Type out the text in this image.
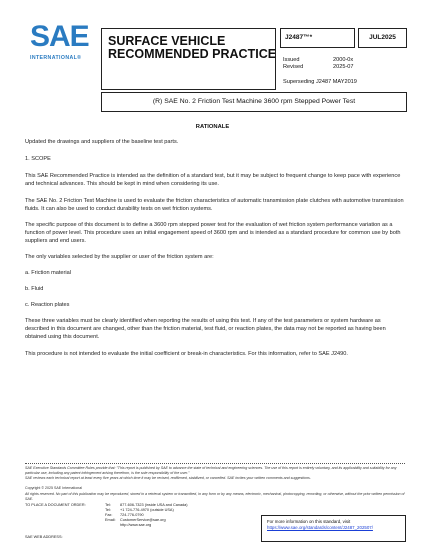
SAE
INTERNATIONAL®
SURFACE VEHICLE
RECOMMENDED PRACTICE
J2487™*	JUL2025
Issued	2000-0x
Revised	2025-07
Superseding J2487 MAY2019
(R) SAE No. 2 Friction Test Machine 3600 rpm Stepped Power Test
RATIONALE
Updated the drawings and suppliers of the baseline test parts.
1. SCOPE
This SAE Recommended Practice is intended as the definition of a standard test, but it may be subject to frequent change to keep pace with experience and technical advances. This should be kept in mind when considering its use.
The SAE No. 2 Friction Test Machine is used to evaluate the friction characteristics of automatic transmission plate clutches with automotive transmission fluids. It can also be used to conduct durability tests on wet friction systems.
The specific purpose of this document is to define a 3600 rpm stepped power test for the evaluation of wet friction system performance variation as a function of power level. This procedure uses an initial engagement speed of 3600 rpm and is intended as a standard procedure for common use by both suppliers and end users.
The only variables selected by the supplier or user of the friction system are:
a. Friction material
b. Fluid
c. Reaction plates
These three variables must be clearly identified when reporting the results of using this test. If any of the test parameters or system hardware as described in this document are changed, other than the friction material, test fluid, or reaction plates, the data may not be reported as having been obtained using this document.
This procedure is not intended to evaluate the initial coefficient or break-in characteristics. For this information, refer to SAE J2490.
SAE Executive Standards Committee Rules provide that: "This report is published by SAE to advance the state of technical and engineering sciences. The use of this report is entirely voluntary, and its applicability and suitability for any particular use, including any patent infringement arising therefrom, is the sole responsibility of the user."
SAE reviews each technical report at least every five years at which time it may be revised, reaffirmed, stabilized, or cancelled. SAE invites your written comments and suggestions.
Copyright © 2025 SAE International
All rights reserved. No part of this publication may be reproduced, stored in a retrieval system or transmitted, in any form or by any means, electronic, mechanical, photocopying, recording, or otherwise, without the prior written permission of SAE.
TO PLACE A DOCUMENT ORDER:	Tel: 877-606-7323 (inside USA and Canada)
Tel: +1 724-776-4970 (outside USA)
Fax: 724-776-0790
Email: CustomerService@sae.org
http://www.sae.org
SAE WEB ADDRESS:
For more information on this standard, visit
https://www.sae.org/standards/content/J2487_202507/
